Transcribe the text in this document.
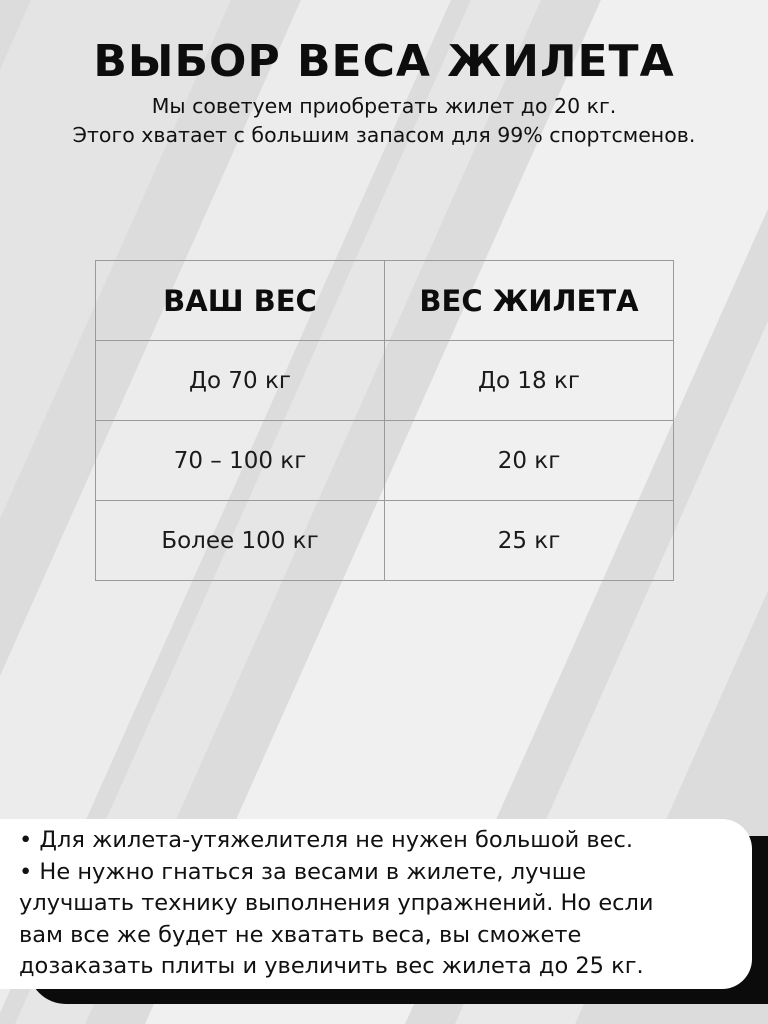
ВЫБОР ВЕСА ЖИЛЕТА
Мы советуем приобретать жилет до 20 кг.
Этого хватает с большим запасом для 99% спортсменов.
ВАШ ВЕС	ВЕС ЖИЛЕТА
До 70 кг	До 18 кг
70 – 100 кг	20 кг
Более 100 кг	25 кг

• Для жилета-утяжелителя не нужен большой вес.

• Не нужно гнаться за весами в жилете, лучше

улучшать технику выполнения упражнений. Но если

вам все же будет не хватать веса, вы сможете

дозаказать плиты и увеличить вес жилета до 25 кг.
